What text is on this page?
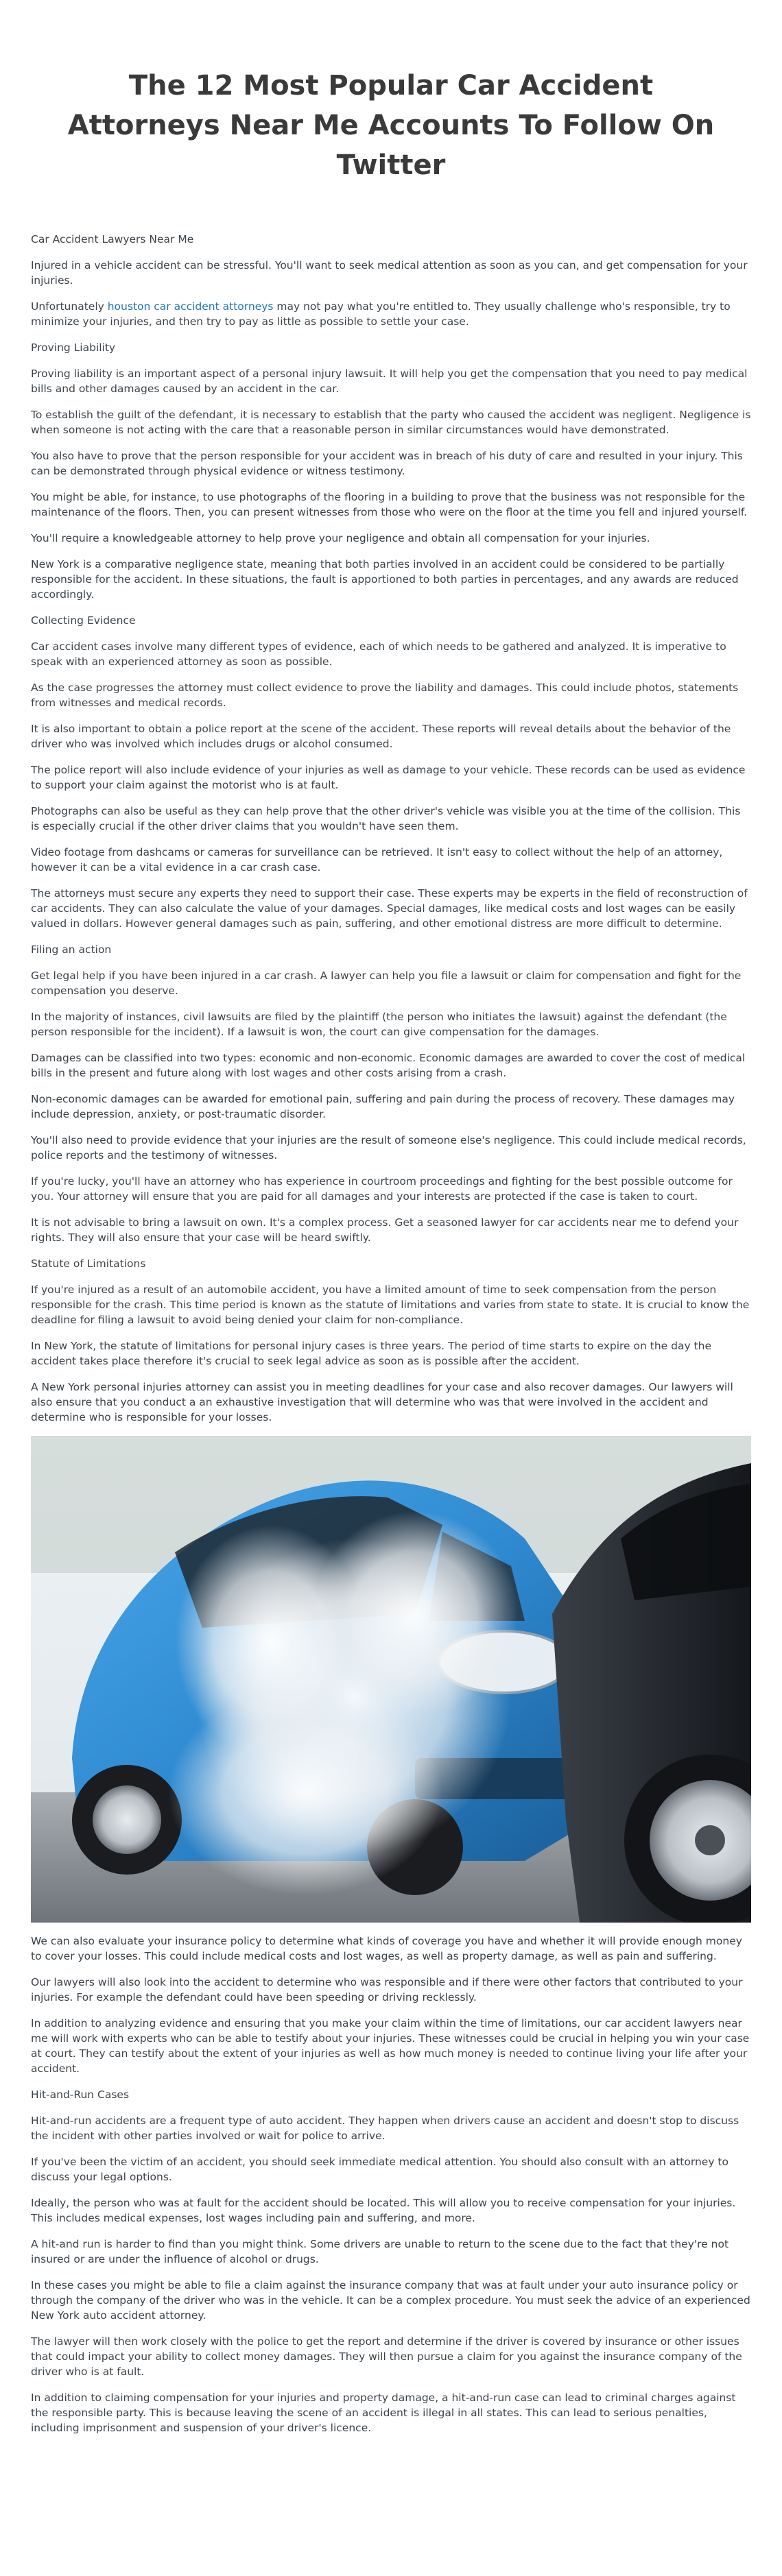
The 12 Most Popular Car Accident Attorneys Near Me Accounts To Follow On Twitter

Car Accident Lawyers Near Me

Injured in a vehicle accident can be stressful. You'll want to seek medical attention as soon as you can, and get compensation for your injuries.

Unfortunately houston car accident attorneys may not pay what you're entitled to. They usually challenge who's responsible, try to minimize your injuries, and then try to pay as little as possible to settle your case.

Proving Liability

Proving liability is an important aspect of a personal injury lawsuit. It will help you get the compensation that you need to pay medical bills and other damages caused by an accident in the car.

To establish the guilt of the defendant, it is necessary to establish that the party who caused the accident was negligent. Negligence is when someone is not acting with the care that a reasonable person in similar circumstances would have demonstrated.

You also have to prove that the person responsible for your accident was in breach of his duty of care and resulted in your injury. This can be demonstrated through physical evidence or witness testimony.

You might be able, for instance, to use photographs of the flooring in a building to prove that the business was not responsible for the maintenance of the floors. Then, you can present witnesses from those who were on the floor at the time you fell and injured yourself.

You'll require a knowledgeable attorney to help prove your negligence and obtain all compensation for your injuries.

New York is a comparative negligence state, meaning that both parties involved in an accident could be considered to be partially responsible for the accident. In these situations, the fault is apportioned to both parties in percentages, and any awards are reduced accordingly.

Collecting Evidence

Car accident cases involve many different types of evidence, each of which needs to be gathered and analyzed. It is imperative to speak with an experienced attorney as soon as possible.

As the case progresses the attorney must collect evidence to prove the liability and damages. This could include photos, statements from witnesses and medical records.

It is also important to obtain a police report at the scene of the accident. These reports will reveal details about the behavior of the driver who was involved which includes drugs or alcohol consumed.

The police report will also include evidence of your injuries as well as damage to your vehicle. These records can be used as evidence to support your claim against the motorist who is at fault.

Photographs can also be useful as they can help prove that the other driver's vehicle was visible you at the time of the collision. This is especially crucial if the other driver claims that you wouldn't have seen them.

Video footage from dashcams or cameras for surveillance can be retrieved. It isn't easy to collect without the help of an attorney, however it can be a vital evidence in a car crash case.

The attorneys must secure any experts they need to support their case. These experts may be experts in the field of reconstruction of car accidents. They can also calculate the value of your damages. Special damages, like medical costs and lost wages can be easily valued in dollars. However general damages such as pain, suffering, and other emotional distress are more difficult to determine.

Filing an action

Get legal help if you have been injured in a car crash. A lawyer can help you file a lawsuit or claim for compensation and fight for the compensation you deserve.

In the majority of instances, civil lawsuits are filed by the plaintiff (the person who initiates the lawsuit) against the defendant (the person responsible for the incident). If a lawsuit is won, the court can give compensation for the damages.

Damages can be classified into two types: economic and non-economic. Economic damages are awarded to cover the cost of medical bills in the present and future along with lost wages and other costs arising from a crash.

Non-economic damages can be awarded for emotional pain, suffering and pain during the process of recovery. These damages may include depression, anxiety, or post-traumatic disorder.

You'll also need to provide evidence that your injuries are the result of someone else's negligence. This could include medical records, police reports and the testimony of witnesses.

If you're lucky, you'll have an attorney who has experience in courtroom proceedings and fighting for the best possible outcome for you. Your attorney will ensure that you are paid for all damages and your interests are protected if the case is taken to court.

It is not advisable to bring a lawsuit on own. It's a complex process. Get a seasoned lawyer for car accidents near me to defend your rights. They will also ensure that your case will be heard swiftly.

Statute of Limitations

If you're injured as a result of an automobile accident, you have a limited amount of time to seek compensation from the person responsible for the crash. This time period is known as the statute of limitations and varies from state to state. It is crucial to know the deadline for filing a lawsuit to avoid being denied your claim for non-compliance.

In New York, the statute of limitations for personal injury cases is three years. The period of time starts to expire on the day the accident takes place therefore it's crucial to seek legal advice as soon as is possible after the accident.

A New York personal injuries attorney can assist you in meeting deadlines for your case and also recover damages. Our lawyers will also ensure that you conduct a an exhaustive investigation that will determine who was that were involved in the accident and determine who is responsible for your losses.

We can also evaluate your insurance policy to determine what kinds of coverage you have and whether it will provide enough money to cover your losses. This could include medical costs and lost wages, as well as property damage, as well as pain and suffering.

Our lawyers will also look into the accident to determine who was responsible and if there were other factors that contributed to your injuries. For example the defendant could have been speeding or driving recklessly.

In addition to analyzing evidence and ensuring that you make your claim within the time of limitations, our car accident lawyers near me will work with experts who can be able to testify about your injuries. These witnesses could be crucial in helping you win your case at court. They can testify about the extent of your injuries as well as how much money is needed to continue living your life after your accident.

Hit-and-Run Cases

Hit-and-run accidents are a frequent type of auto accident. They happen when drivers cause an accident and doesn't stop to discuss the incident with other parties involved or wait for police to arrive.

If you've been the victim of an accident, you should seek immediate medical attention. You should also consult with an attorney to discuss your legal options.

Ideally, the person who was at fault for the accident should be located. This will allow you to receive compensation for your injuries. This includes medical expenses, lost wages including pain and suffering, and more.

A hit-and run is harder to find than you might think. Some drivers are unable to return to the scene due to the fact that they're not insured or are under the influence of alcohol or drugs.

In these cases you might be able to file a claim against the insurance company that was at fault under your auto insurance policy or through the company of the driver who was in the vehicle. It can be a complex procedure. You must seek the advice of an experienced New York auto accident attorney.

The lawyer will then work closely with the police to get the report and determine if the driver is covered by insurance or other issues that could impact your ability to collect money damages. They will then pursue a claim for you against the insurance company of the driver who is at fault.

In addition to claiming compensation for your injuries and property damage, a hit-and-run case can lead to criminal charges against the responsible party. This is because leaving the scene of an accident is illegal in all states. This can lead to serious penalties, including imprisonment and suspension of your driver's licence.
